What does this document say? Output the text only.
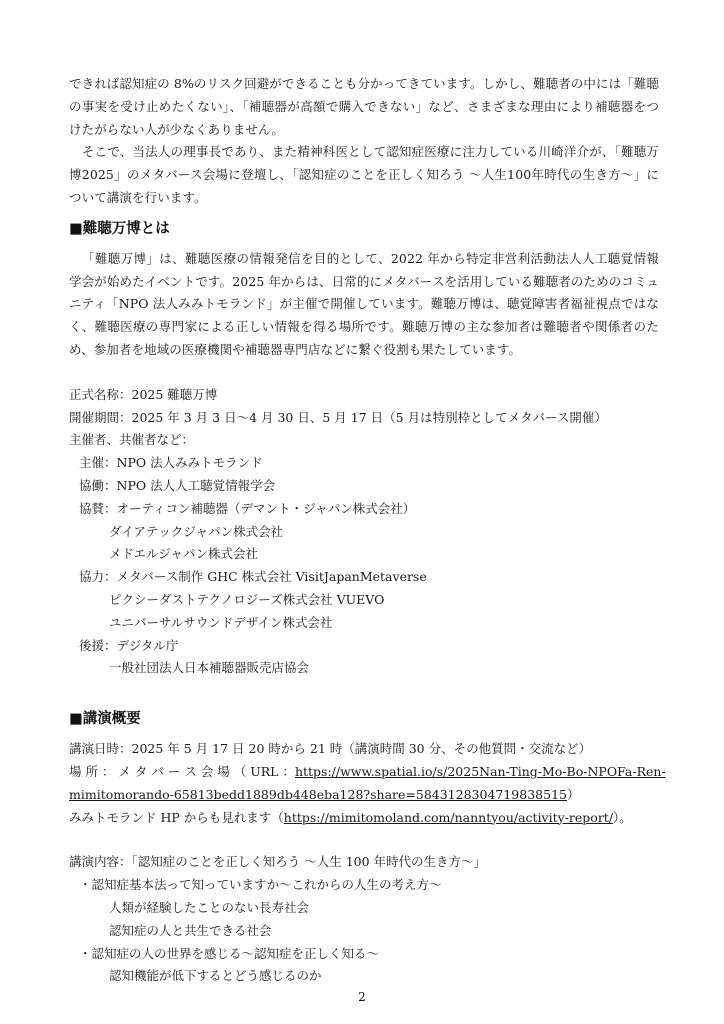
できれば認知症の 8%のリスク回避ができることも分かってきています。しかし、難聴者の中には「難聴の事実を受け止めたくない」、「補聴器が高額で購入できない」など、さまざまな理由により補聴器をつけたがらない人が少なくありません。

そこで、当法人の理事長であり、また精神科医として認知症医療に注力している川崎洋介が、「難聴万博2025」のメタバース会場に登壇し、「認知症のことを正しく知ろう 〜人生100年時代の生き方〜」について講演を行います。

■難聴万博とは

「難聴万博」は、難聴医療の情報発信を目的として、2022 年から特定非営利活動法人人工聴覚情報学会が始めたイベントです。2025 年からは、日常的にメタバースを活用している難聴者のためのコミュニティ「NPO 法人みみトモランド」が主催で開催しています。難聴万博は、聴覚障害者福祉視点ではなく、難聴医療の専門家による正しい情報を得る場所です。難聴万博の主な参加者は難聴者や関係者のため、参加者を地域の医療機関や補聴器専門店などに繋ぐ役割も果たしています。

正式名称：2025 難聴万博
開催期間：2025 年 3 月 3 日〜4 月 30 日、5 月 17 日（5 月は特別枠としてメタバース開催）
主催者、共催者など：
主催：NPO 法人みみトモランド
協働：NPO 法人人工聴覚情報学会
協賛：オーティコン補聴器（デマント・ジャパン株式会社）
ダイアテックジャパン株式会社
メドエルジャパン株式会社
協力：メタバース制作 GHC 株式会社 VisitJapanMetaverse
ピクシーダストテクノロジーズ株式会社 VUEVO
ユニバーサルサウンドデザイン株式会社
後援：デジタル庁
一般社団法人日本補聴器販売店協会
■講演概要
講演日時：2025 年 5 月 17 日 20 時から 21 時（講演時間 30 分、その他質問・交流など）
場 所 ： メ タ バ ー ス 会 場 （ URL ： https://www.spatial.io/s/2025Nan-Ting-Mo-Bo-NPOFa-Ren-
mimitomorando-65813bedd1889db448eba128?share=5843128304719838515）
みみトモランド HP からも見れます（https://mimitomoland.com/nanntyou/activity-report/）。
講演内容：「認知症のことを正しく知ろう 〜人生 100 年時代の生き方〜」
・認知症基本法って知っていますか〜これからの人生の考え方〜
人類が経験したことのない長寿社会
認知症の人と共生できる社会
・認知症の人の世界を感じる〜認知症を正しく知る〜
認知機能が低下するとどう感じるのか
2
